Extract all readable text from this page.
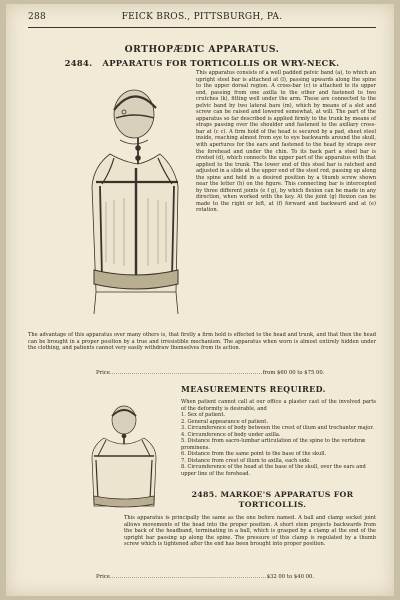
288	FEICK BROS., PITTSBURGH, PA.
ORTHOPÆDIC APPARATUS.
2484. APPARATUS FOR TORTICOLLIS OR WRY-NECK.

This apparatus consists of a well padded pelvic band (a), to which an upright steel bar is attached at (l), passing upwards along the spine to the upper dorsal region. A cross-bar (c) is attached to its upper end, passing from one axilla to the other and fastened to two crutches (k), fitting well under the arm. These are connected to the pelvic band by two lateral bars (m), which by means of a slot and screw can be raised and lowered somewhat, at will. The part of the apparatus so far described is applied firmly to the trunk by means of straps passing over the shoulder and fastened to the axillary cross-bar at (c c). A firm hold of the head is secured by a pad, sheet steel inside, reaching almost from eye to eye backwards around the skull, with apertures for the ears and fastened to the head by straps over the forehead and under the chin. To its back part a steel bar is riveted (d), which connects the upper part of the apparatus with that applied to the trunk. The lower end of this steel bar is ratched and adjusted in a slide at the upper end of the steel rod, passing up along the spine and held in a desired position by a thumb screw shown near the letter (h) on the figure. This connecting bar is intercepted by three different joints (e f g), by which flexion can be made in any direction, when worked with the key. At the joint (g) flexion can be made to the right or left, at (f) forward and backward and at (e) rotation.

The advantage of this apparatus over many others is, that firstly a firm hold is effected to the head and trunk, and that then the head can be brought in a proper position by a true and irresistible mechanism. The apparatus when worn is almost entirely hidden under the clothing, and patients cannot very easily withdraw themselves from its action.

Price.............................................................................from $60 00 to $75 00.
MEASUREMENTS REQUIRED.

When patient cannot call at our office a plaster cast of the involved parts of the deformity is desirable, and

1. Sex of patient.
2. General appearance of patient.
3. Circumference of body between the crest of ilium and trochanter major.
4. Circumference of body under axilla.
5. Distance from sacro-lumbar articulation of the spine to the vertebræ prominens.
6. Distance from the same point to the base of the skull.
7. Distance from crest of ilium to axilla, each side.
8. Circumference of the head at the base of the skull, over the ears and upper line of the forehead.
2485. MARKOE'S APPARATUS FOR
TORTICOLLIS.

This apparatus is principally the same as the one before named. A ball and clamp socket joint allows movements of the head into the proper position. A short stem projects backwards from the back of the headband, terminating in a ball, which is grasped by a clamp at the end of the upright bar passing up along the spine. The pressure of this clamp is regulated by a thumb screw which is tightened after the end has been brought into proper position.

Price...............................................................................$32 00 to $40 00.
